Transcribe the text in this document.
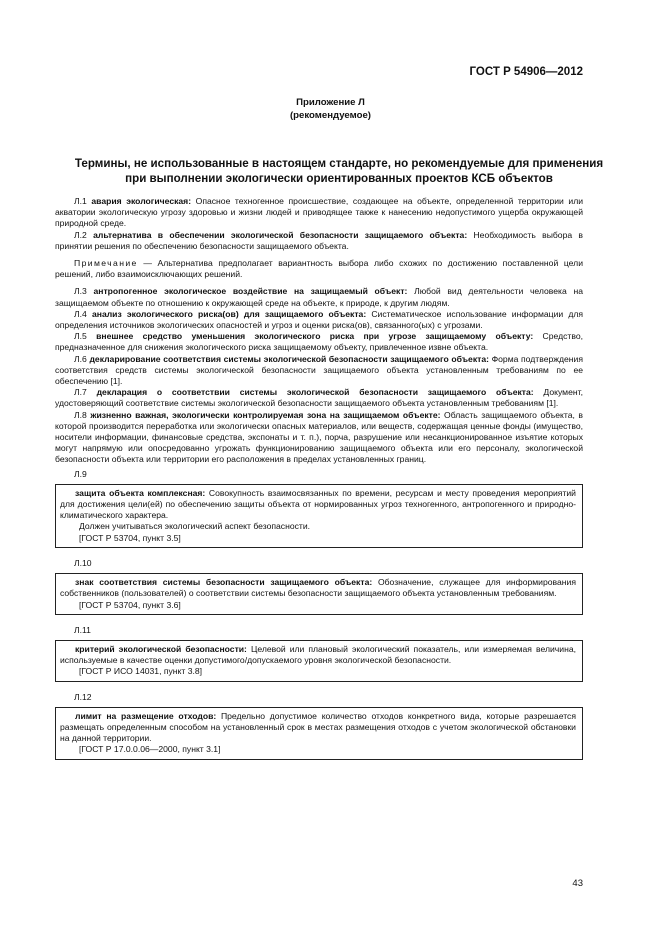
ГОСТ Р 54906—2012
Приложение Л
(рекомендуемое)
Термины, не использованные в настоящем стандарте, но рекомендуемые для применения
при выполнении экологически ориентированных проектов КСБ объектов

Л.1 авария экологическая: Опасное техногенное происшествие, создающее на объекте, определенной территории или акватории экологическую угрозу здоровью и жизни людей и приводящее также к нанесению недопустимого ущерба окружающей природной среде.

Л.2 альтернатива в обеспечении экологической безопасности защищаемого объекта: Необходимость выбора в принятии решения по обеспечению безопасности защищаемого объекта.

Примечание — Альтернатива предполагает вариантность выбора либо схожих по достижению поставленной цели решений, либо взаимоисключающих решений.

Л.3 антропогенное экологическое воздействие на защищаемый объект: Любой вид деятельности человека на защищаемом объекте по отношению к окружающей среде на объекте, к природе, к другим людям.

Л.4 анализ экологического риска(ов) для защищаемого объекта: Систематическое использование информации для определения источников экологических опасностей и угроз и оценки риска(ов), связанного(ых) с угрозами.

Л.5 внешнее средство уменьшения экологического риска при угрозе защищаемому объекту: Средство, предназначенное для снижения экологического риска защищаемому объекту, привлеченное извне объекта.

Л.6 декларирование соответствия системы экологической безопасности защищаемого объекта: Форма подтверждения соответствия средств системы экологической безопасности защищаемого объекта установленным требованиям по ее обеспечению [1].

Л.7 декларация о соответствии системы экологической безопасности защищаемого объекта: Документ, удостоверяющий соответствие системы экологической безопасности защищаемого объекта установленным требованиям [1].

Л.8 жизненно важная, экологически контролируемая зона на защищаемом объекте: Область защищаемого объекта, в которой производится переработка или экологически опасных материалов, или веществ, содержащая ценные фонды (имущество, носители информации, финансовые средства, экспонаты и т. п.), порча, разрушение или несанкционированное изъятие которых могут напрямую или опосредованно угрожать функционированию защищаемого объекта или его персоналу, экологической безопасности объекта или территории его расположения в пределах установленных границ.

Л.9

защита объекта комплексная: Совокупность взаимосвязанных по времени, ресурсам и месту проведения мероприятий для достижения цели(ей) по обеспечению защиты объекта от нормированных угроз техногенного, антропогенного и природно-климатического характера.

Должен учитываться экологический аспект безопасности.
[ГОСТ Р 53704, пункт 3.5]
Л.10

знак соответствия системы безопасности защищаемого объекта: Обозначение, служащее для информирования собственников (пользователей) о соответствии системы безопасности защищаемого объекта установленным требованиям.

[ГОСТ Р 53704, пункт 3.6]
Л.11

критерий экологической безопасности: Целевой или плановый экологический показатель, или измеряемая величина, используемые в качестве оценки допустимого/допускаемого уровня экологической безопасности.

[ГОСТ Р ИСО 14031, пункт 3.8]
Л.12

лимит на размещение отходов: Предельно допустимое количество отходов конкретного вида, которые разрешается размещать определенным способом на установленный срок в местах размещения отходов с учетом экологической обстановки на данной территории.

[ГОСТ Р 17.0.0.06—2000, пункт 3.1]
43
